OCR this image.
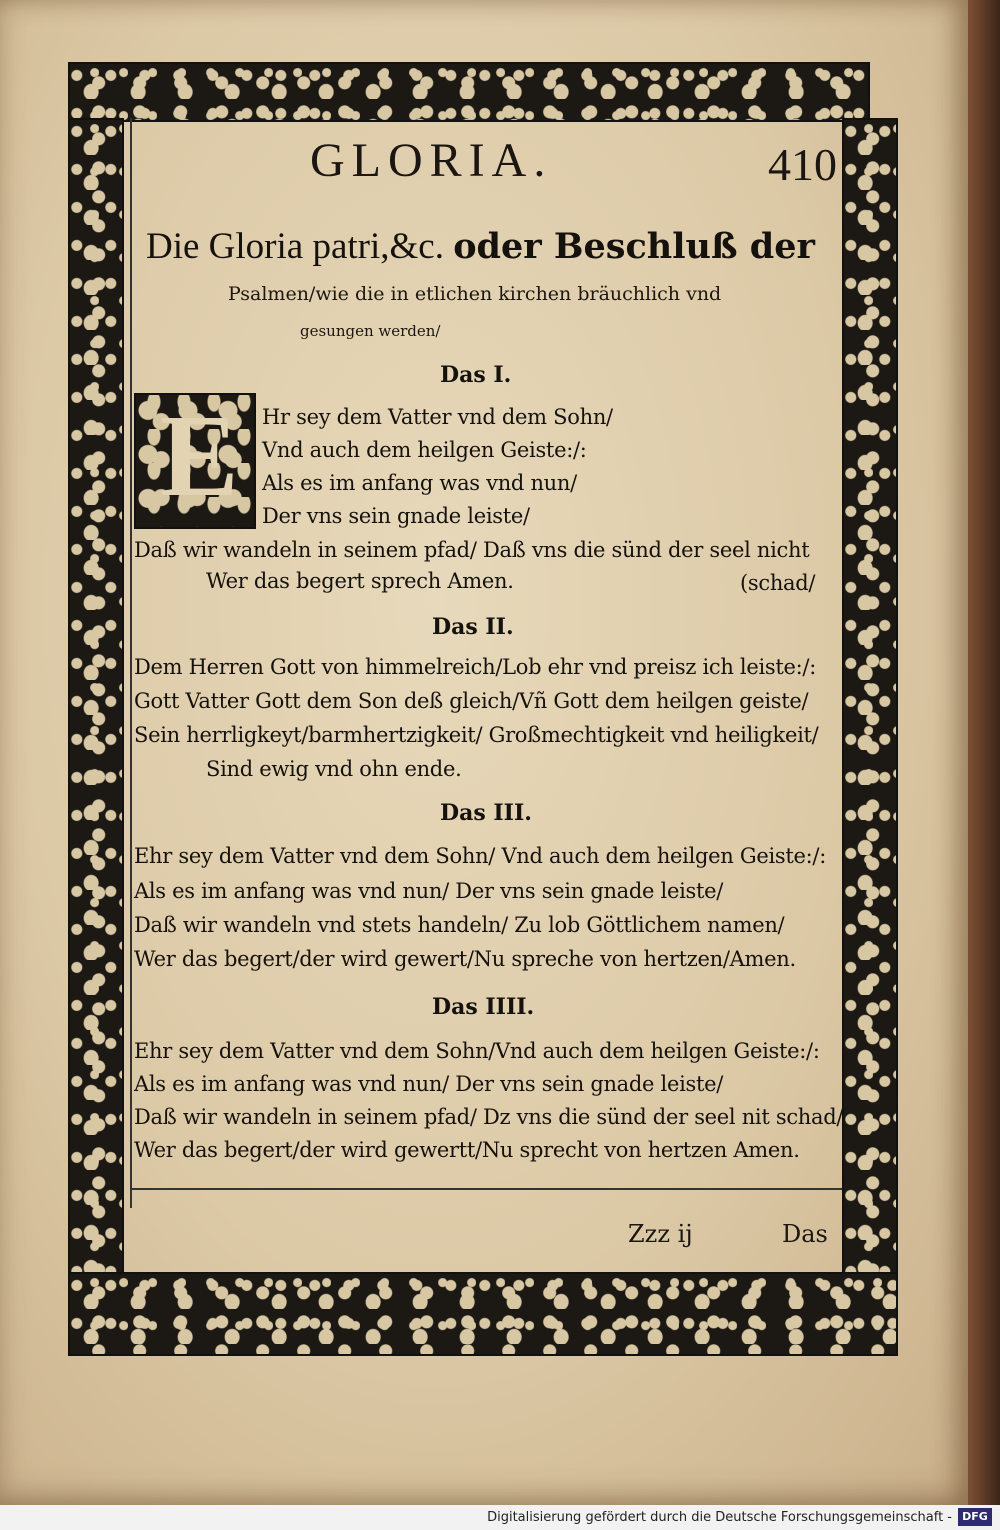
GLORIA.	410
Die Gloria patri,&c. oder Beschluß der
Psalmen/wie die in etlichen kirchen bräuchlich vnd
gesungen werden/
Das I.
E Hr sey dem Vatter vnd dem Sohn/
Vnd auch dem heilgen Geiste:/:
Als es im anfang was vnd nun/
Der vns sein gnade leiste/
Daß wir wandeln in seinem pfad/ Daß vns die sünd der seel nicht
Wer das begert sprech Amen.	(schad/
Das II.
Dem Herren Gott von himmelreich/Lob ehr vnd preisz ich leiste:/:
Gott Vatter Gott dem Son deß gleich/Vñ Gott dem heilgen geiste/
Sein herrligkeyt/barmhertzigkeit/ Großmechtigkeit vnd heiligkeit/
Sind ewig vnd ohn ende.
Das III.
Ehr sey dem Vatter vnd dem Sohn/ Vnd auch dem heilgen Geiste:/:
Als es im anfang was vnd nun/ Der vns sein gnade leiste/
Daß wir wandeln vnd stets handeln/ Zu lob Göttlichem namen/
Wer das begert/der wird gewert/Nu spreche von hertzen/Amen.
Das IIII.
Ehr sey dem Vatter vnd dem Sohn/Vnd auch dem heilgen Geiste:/:
Als es im anfang was vnd nun/ Der vns sein gnade leiste/
Daß wir wandeln in seinem pfad/ Dz vns die sünd der seel nit schad/
Wer das begert/der wird gewertt/Nu sprecht von hertzen Amen.
Zzz ij	Das
Digitalisierung gefördert durch die Deutsche Forschungsgemeinschaft - DFG
